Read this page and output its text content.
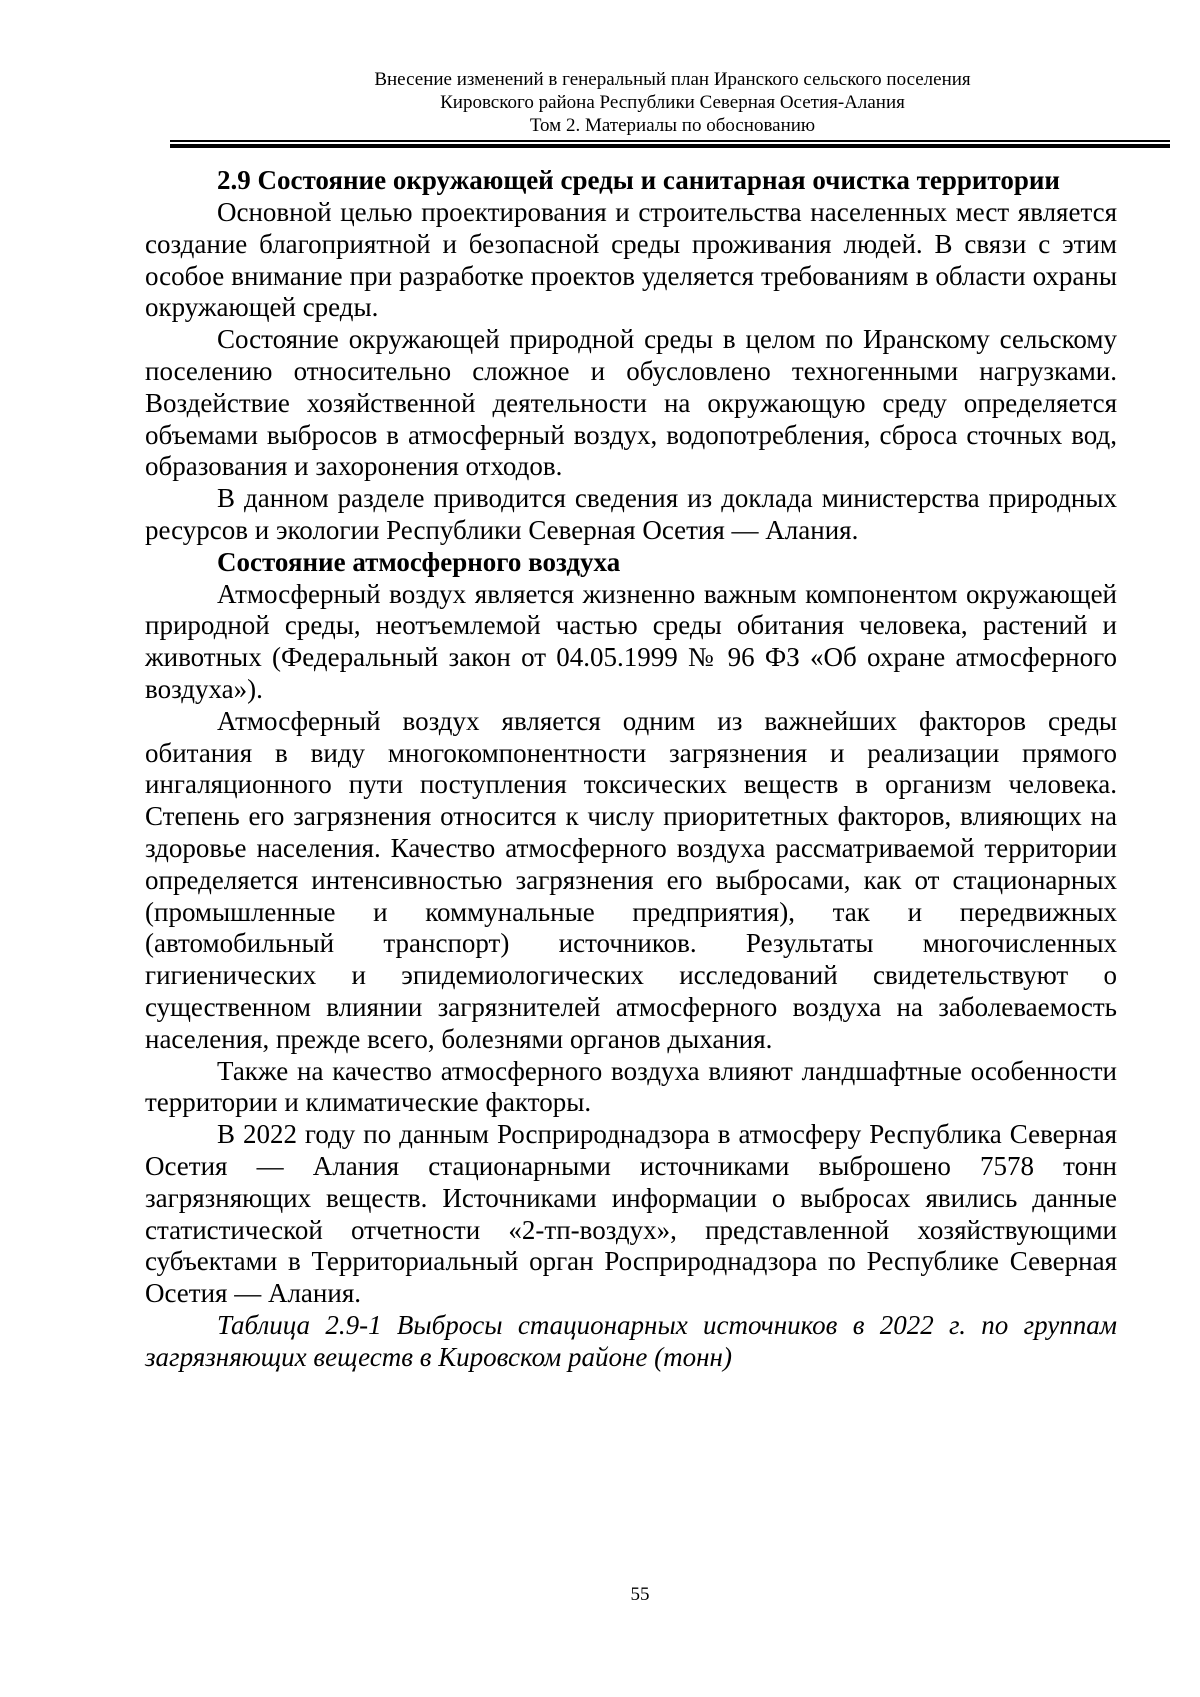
Внесение изменений в генеральный план Иранского сельского поселения
Кировского района Республики Северная Осетия-Алания
Том 2. Материалы по обоснованию

2.9 Состояние окружающей среды и санитарная очистка территории

Основной целью проектирования и строительства населенных мест является создание благоприятной и безопасной среды проживания людей. В связи с этим особое внимание при разработке проектов уделяется требованиям в области охраны окружающей среды.

Состояние окружающей природной среды в целом по Иранскому сельскому поселению относительно сложное и обусловлено техногенными нагрузками. Воздействие хозяйственной деятельности на окружающую среду определяется объемами выбросов в атмосферный воздух, водопотребления, сброса сточных вод, образования и захоронения отходов.

В данном разделе приводится сведения из доклада министерства природных ресурсов и экологии Республики Северная Осетия — Алания.

Состояние атмосферного воздуха

Атмосферный воздух является жизненно важным компонентом окружающей природной среды, неотъемлемой частью среды обитания человека, растений и животных (Федеральный закон от 04.05.1999 № 96 ФЗ «Об охране атмосферного воздуха»).

Атмосферный воздух является одним из важнейших факторов среды обитания в виду многокомпонентности загрязнения и реализации прямого ингаляционного пути поступления токсических веществ в организм человека. Степень его загрязнения относится к числу приоритетных факторов, влияющих на здоровье населения. Качество атмосферного воздуха рассматриваемой территории определяется интенсивностью загрязнения его выбросами, как от стационарных (промышленные и коммунальные предприятия), так и передвижных (автомобильный транспорт) источников. Результаты многочисленных гигиенических и эпидемиологических исследований свидетельствуют о существенном влиянии загрязнителей атмосферного воздуха на заболеваемость населения, прежде всего, болезнями органов дыхания.

Также на качество атмосферного воздуха влияют ландшафтные особенности территории и климатические факторы.

В 2022 году по данным Росприроднадзора в атмосферу Республика Северная Осетия — Алания стационарными источниками выброшено 7578 тонн загрязняющих веществ. Источниками информации о выбросах явились данные статистической отчетности «2-тп-воздух», представленной хозяйствующими субъектами в Территориальный орган Росприроднадзора по Республике Северная Осетия — Алания.

Таблица 2.9-1 Выбросы стационарных источников в 2022 г. по группам загрязняющих веществ в Кировском районе (тонн)

55
